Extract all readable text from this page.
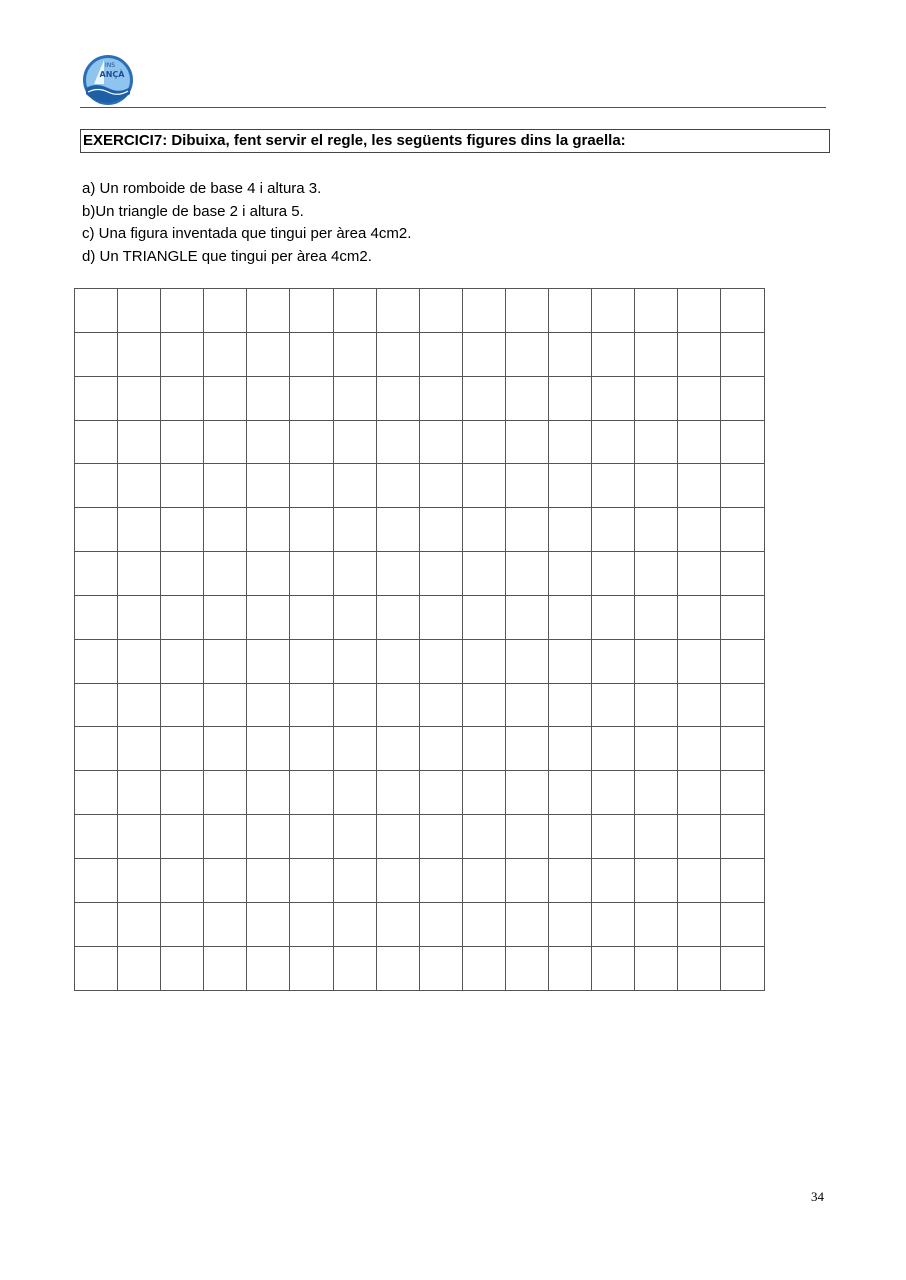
INS
ANÇÀ
EXERCICI7: Dibuixa, fent servir el regle, les següents figures dins la graella:
a) Un romboide de base 4 i altura 3.
b)Un triangle de base 2 i altura 5.
c) Una figura inventada que tingui per àrea 4cm2.
d) Un TRIANGLE que tingui per àrea 4cm2.
34
